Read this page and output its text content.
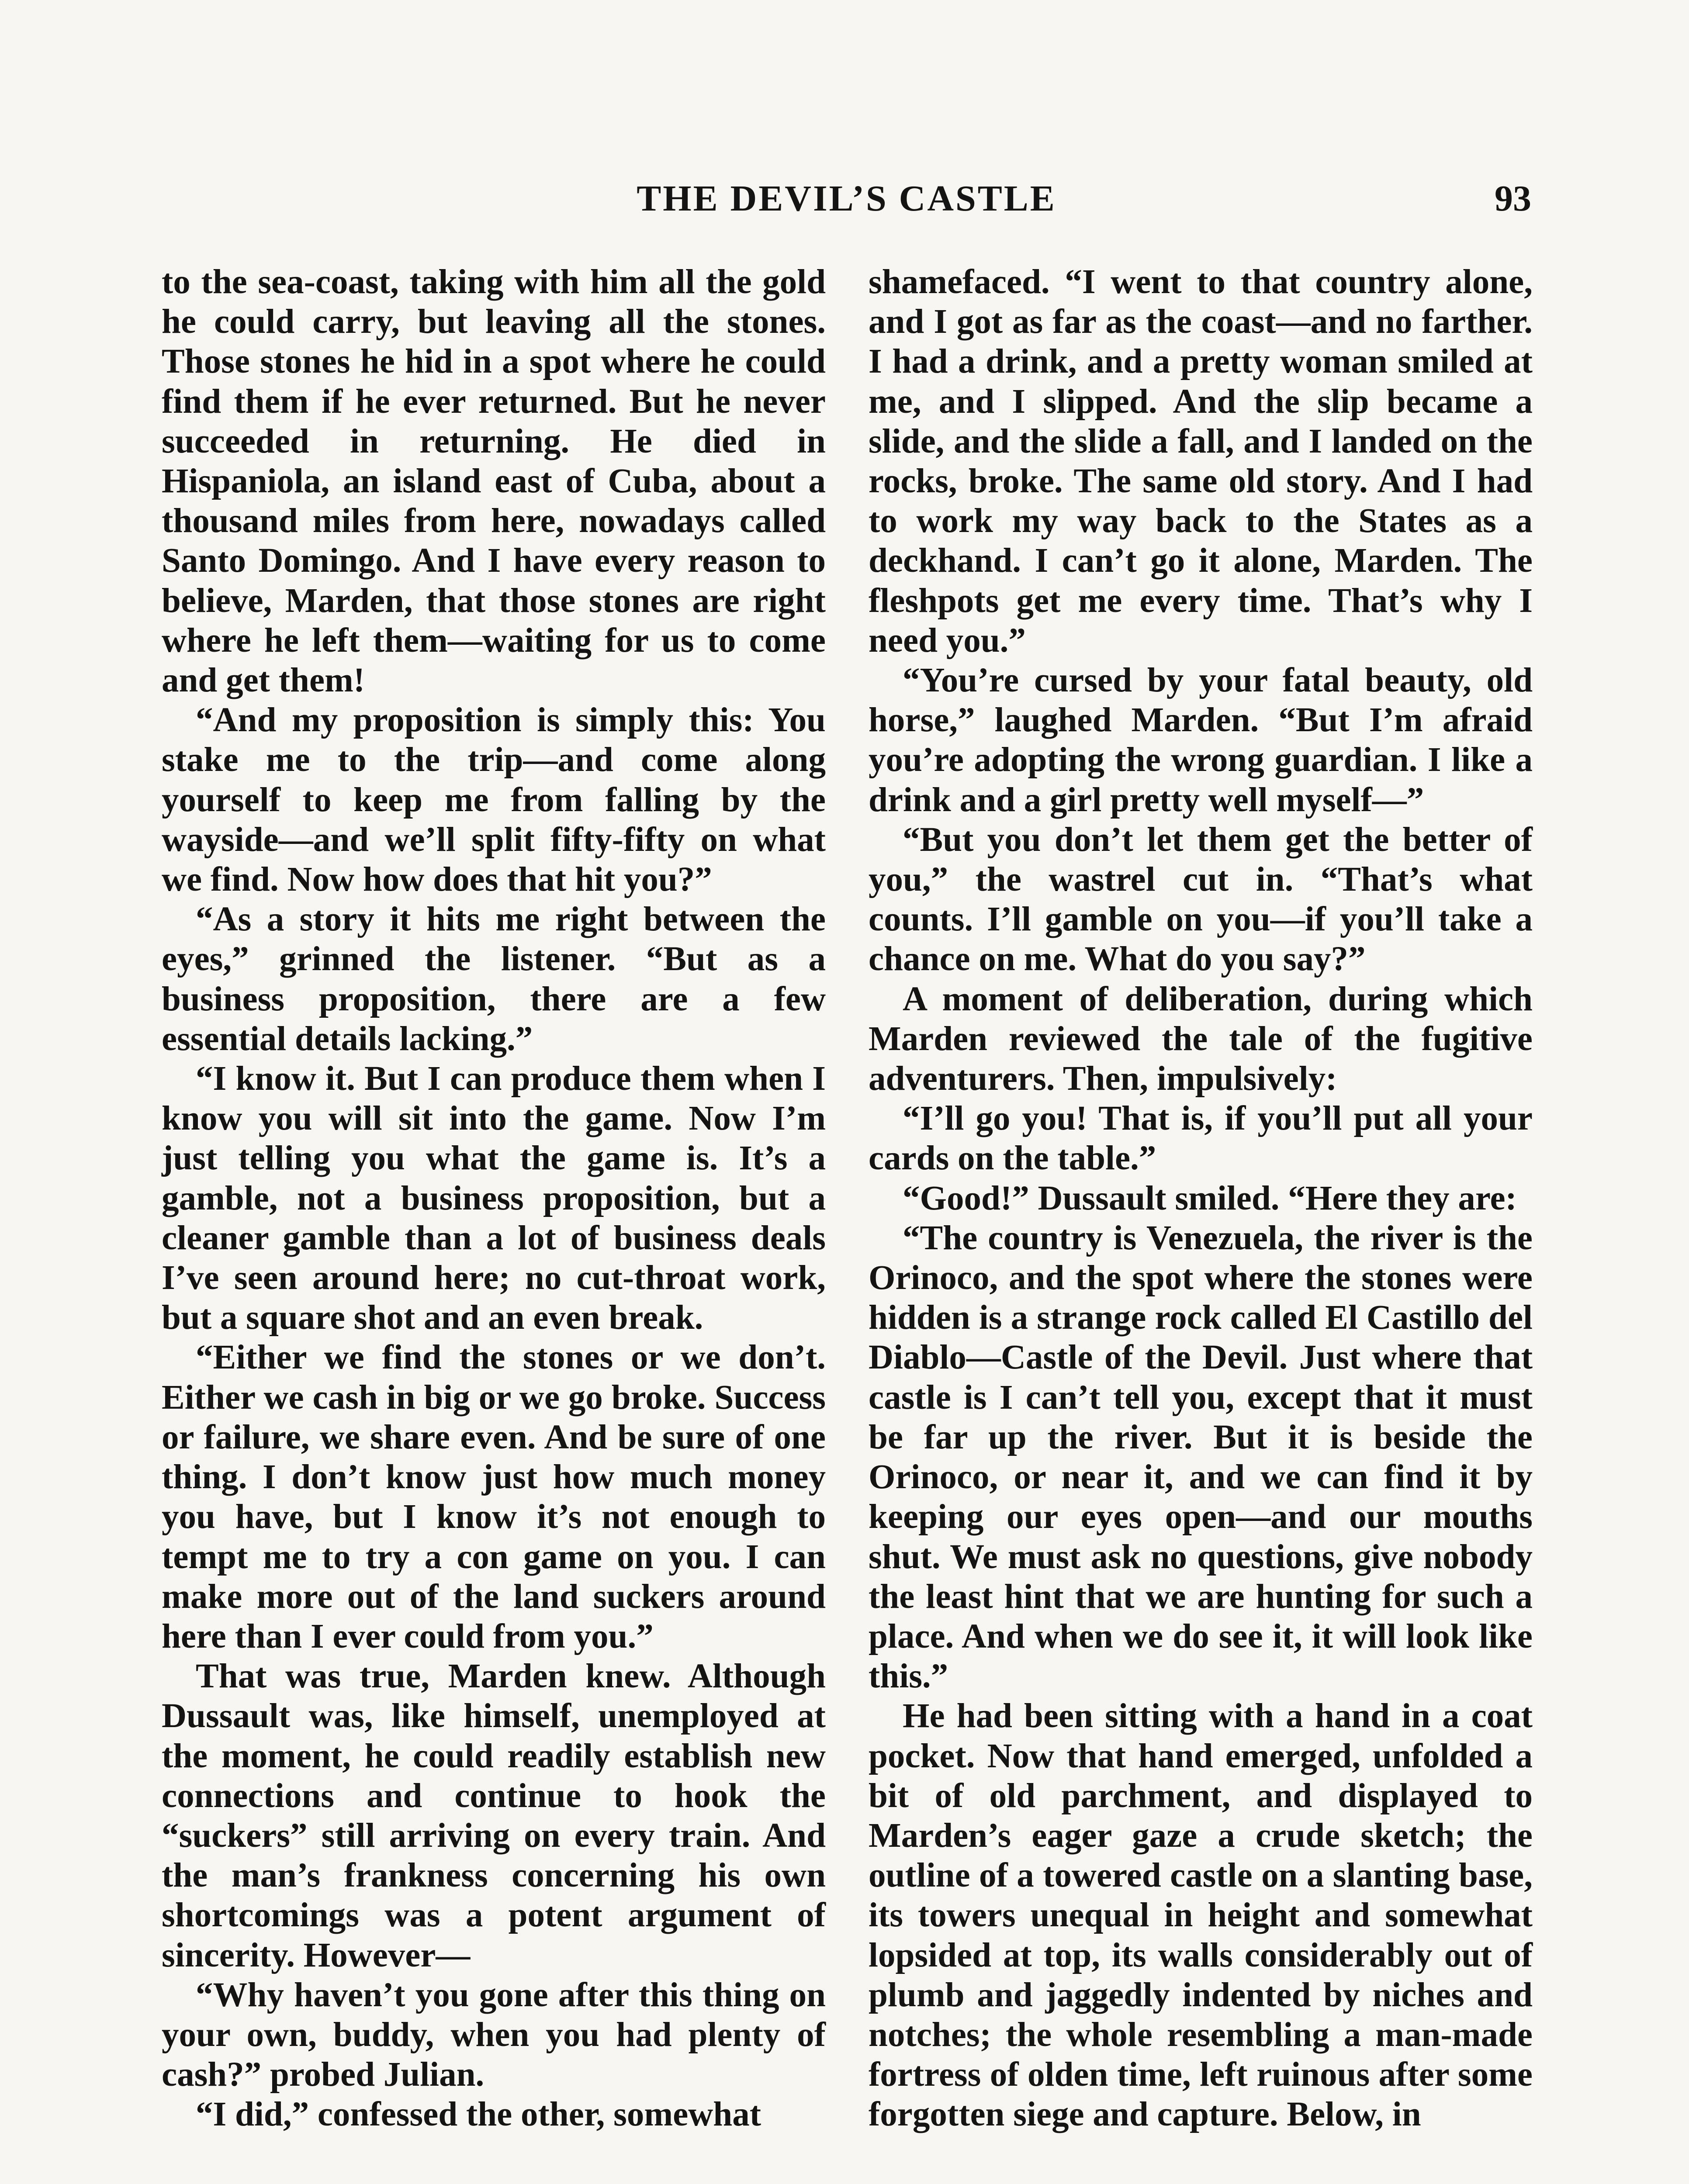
THE DEVIL’S CASTLE	93

to the sea-coast, taking with him all the gold he could carry, but leaving all the stones. Those stones he hid in a spot where he could find them if he ever returned. But he never succeeded in returning. He died in Hispaniola, an island east of Cuba, about a thousand miles from here, nowadays called Santo Domingo. And I have every reason to believe, Marden, that those stones are right where he left them—waiting for us to come and get them!

“And my proposition is simply this: You stake me to the trip—and come along yourself to keep me from falling by the wayside—and we’ll split fifty-fifty on what we find. Now how does that hit you?”

“As a story it hits me right between the eyes,” grinned the listener. “But as a business proposition, there are a few essential details lacking.”

“I know it. But I can produce them when I know you will sit into the game. Now I’m just telling you what the game is. It’s a gamble, not a business proposition, but a cleaner gamble than a lot of business deals I’ve seen around here; no cut-throat work, but a square shot and an even break.

“Either we find the stones or we don’t. Either we cash in big or we go broke. Success or failure, we share even. And be sure of one thing. I don’t know just how much money you have, but I know it’s not enough to tempt me to try a con game on you. I can make more out of the land suckers around here than I ever could from you.”

That was true, Marden knew. Although Dussault was, like himself, unemployed at the moment, he could readily establish new connections and continue to hook the “suckers” still arriving on every train. And the man’s frankness concerning his own shortcomings was a potent argument of sincerity. However—

“Why haven’t you gone after this thing on your own, buddy, when you had plenty of cash?” probed Julian.

“I did,” confessed the other, somewhat

shamefaced. “I went to that country alone, and I got as far as the coast—and no farther. I had a drink, and a pretty woman smiled at me, and I slipped. And the slip became a slide, and the slide a fall, and I landed on the rocks, broke. The same old story. And I had to work my way back to the States as a deckhand. I can’t go it alone, Marden. The fleshpots get me every time. That’s why I need you.”

“You’re cursed by your fatal beauty, old horse,” laughed Marden. “But I’m afraid you’re adopting the wrong guardian. I like a drink and a girl pretty well myself—”

“But you don’t let them get the better of you,” the wastrel cut in. “That’s what counts. I’ll gamble on you—if you’ll take a chance on me. What do you say?”

A moment of deliberation, during which Marden reviewed the tale of the fugitive adventurers. Then, impulsively:

“I’ll go you! That is, if you’ll put all your cards on the table.”

“Good!” Dussault smiled. “Here they are:

“The country is Venezuela, the river is the Orinoco, and the spot where the stones were hidden is a strange rock called El Castillo del Diablo—Castle of the Devil. Just where that castle is I can’t tell you, except that it must be far up the river. But it is beside the Orinoco, or near it, and we can find it by keeping our eyes open—and our mouths shut. We must ask no questions, give nobody the least hint that we are hunting for such a place. And when we do see it, it will look like this.”

He had been sitting with a hand in a coat pocket. Now that hand emerged, unfolded a bit of old parchment, and displayed to Marden’s eager gaze a crude sketch; the outline of a towered castle on a slanting base, its towers unequal in height and somewhat lopsided at top, its walls considerably out of plumb and jaggedly indented by niches and notches; the whole resembling a man-made fortress of olden time, left ruinous after some forgotten siege and capture. Below, in
